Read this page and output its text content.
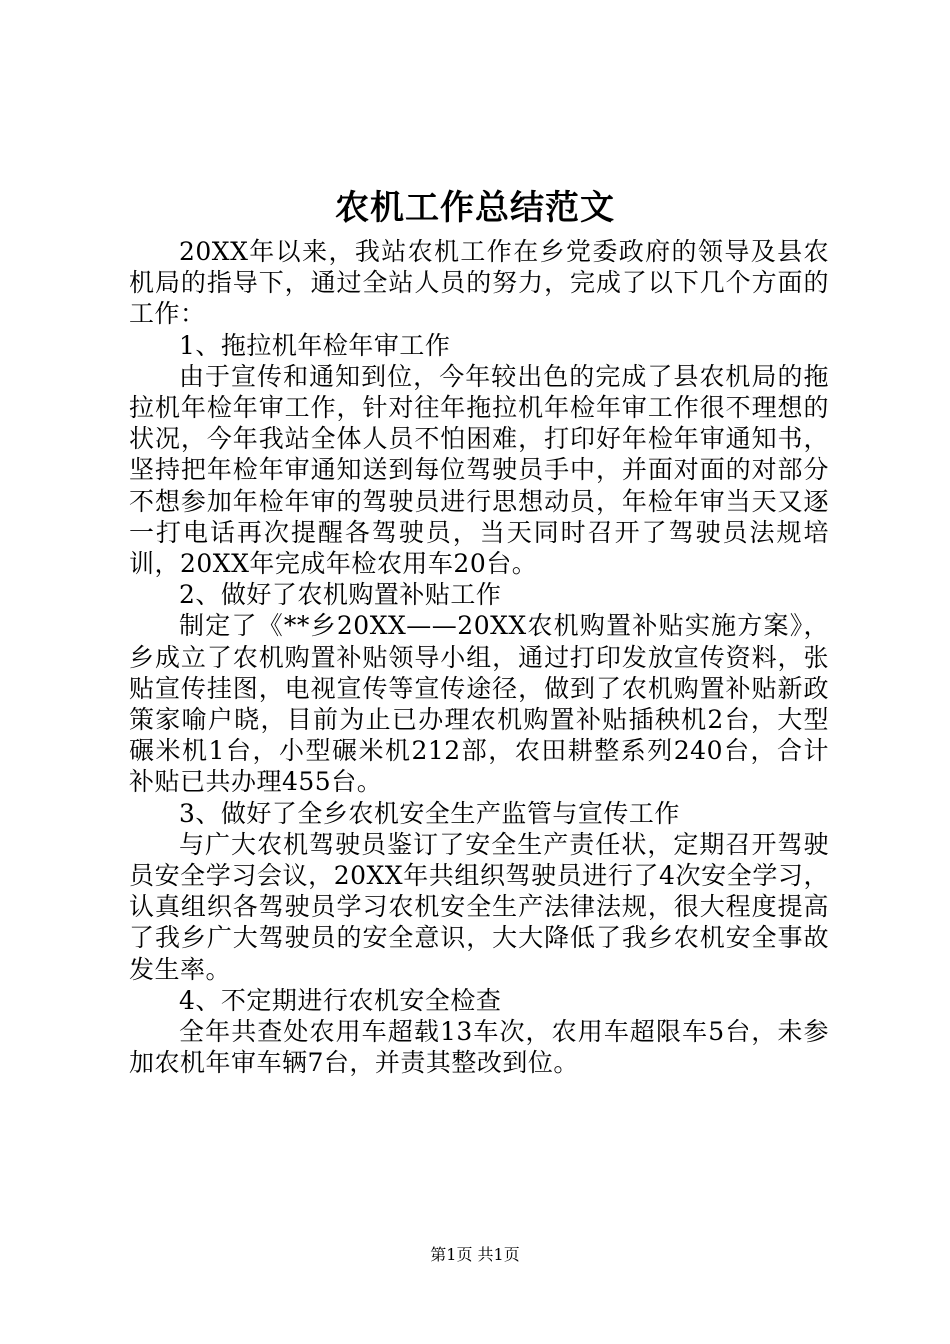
农机工作总结范文

20XX年以来，我站农机工作在乡党委政府的领导及县农机局的指导下，通过全站人员的努力，完成了以下几个方面的工作：

1、拖拉机年检年审工作

由于宣传和通知到位，今年较出色的完成了县农机局的拖拉机年检年审工作，针对往年拖拉机年检年审工作很不理想的状况，今年我站全体人员不怕困难，打印好年检年审通知书，坚持把年检年审通知送到每位驾驶员手中，并面对面的对部分不想参加年检年审的驾驶员进行思想动员，年检年审当天又逐一打电话再次提醒各驾驶员，当天同时召开了驾驶员法规培训，20XX年完成年检农用车20台。

2、做好了农机购置补贴工作

制定了《**乡20XX——20XX农机购置补贴实施方案》，乡成立了农机购置补贴领导小组，通过打印发放宣传资料，张贴宣传挂图，电视宣传等宣传途径，做到了农机购置补贴新政策家喻户晓，目前为止已办理农机购置补贴插秧机2台，大型碾米机1台，小型碾米机212部，农田耕整系列240台，合计补贴已共办理455台。

3、做好了全乡农机安全生产监管与宣传工作

与广大农机驾驶员鉴订了安全生产责任状，定期召开驾驶员安全学习会议，20XX年共组织驾驶员进行了4次安全学习，认真组织各驾驶员学习农机安全生产法律法规，很大程度提高了我乡广大驾驶员的安全意识，大大降低了我乡农机安全事故发生率。

4、不定期进行农机安全检查

全年共查处农用车超载13车次，农用车超限车5台，未参加农机年审车辆7台，并责其整改到位。

第1页 共1页
